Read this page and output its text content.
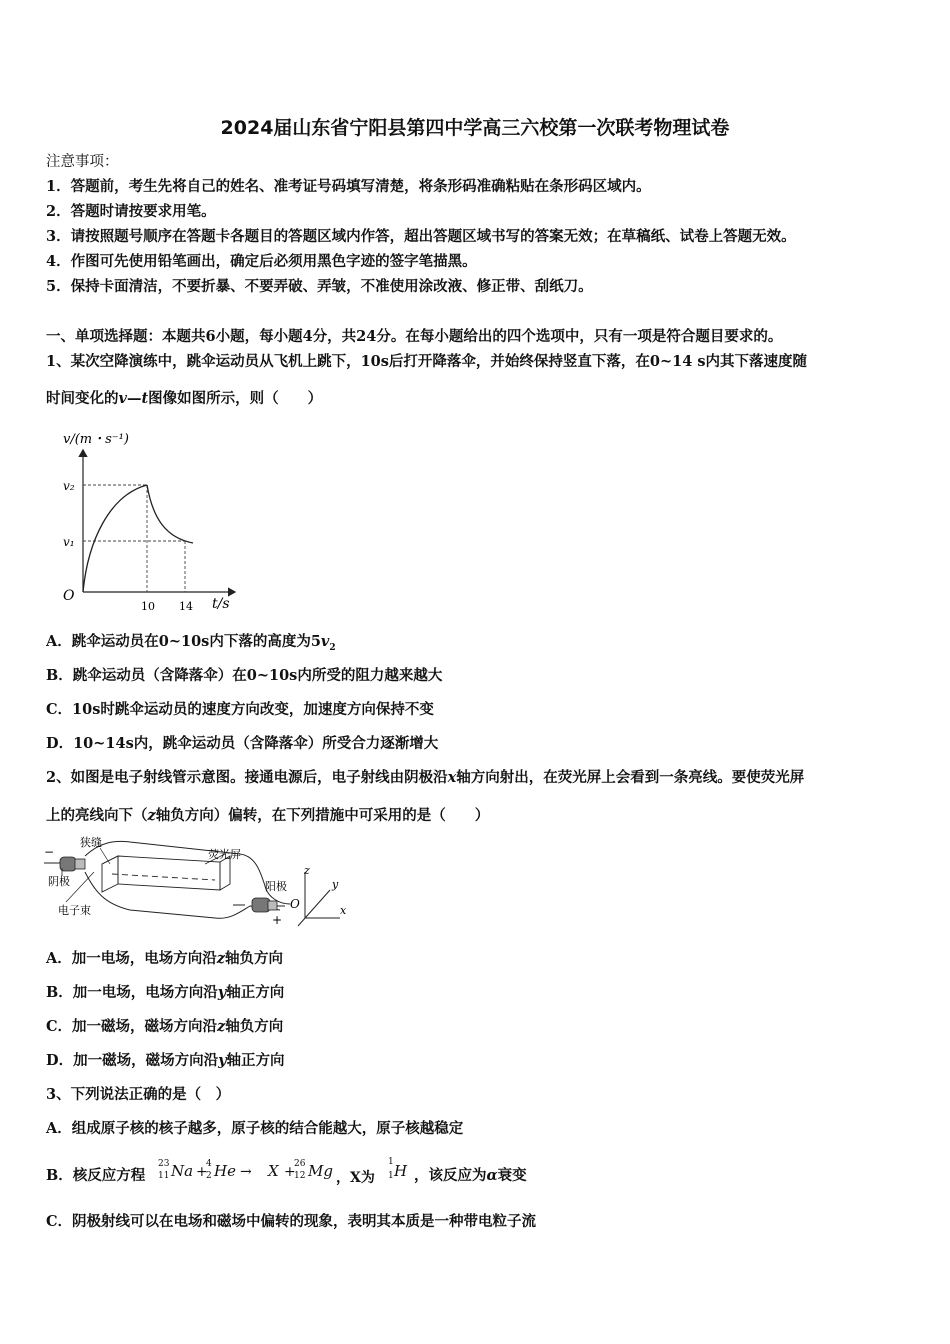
2024届山东省宁阳县第四中学高三六校第一次联考物理试卷
注意事项：
1．答题前，考生先将自己的姓名、准考证号码填写清楚，将条形码准确粘贴在条形码区域内。
2．答题时请按要求用笔。
3．请按照题号顺序在答题卡各题目的答题区域内作答，超出答题区域书写的答案无效；在草稿纸、试卷上答题无效。
4．作图可先使用铅笔画出，确定后必须用黑色字迹的签字笔描黑。
5．保持卡面清洁，不要折暴、不要弄破、弄皱，不准使用涂改液、修正带、刮纸刀。
一、单项选择题：本题共6小题，每小题4分，共24分。在每小题给出的四个选项中，只有一项是符合题目要求的。
1、某次空降演练中，跳伞运动员从飞机上跳下，10s后打开降落伞，并始终保持竖直下落，在0~14 s内其下落速度随
时间变化的v—t图像如图所示，则（　　）
v/(m・s⁻¹)
v₂
v₁
O
10 14 t/s
A．跳伞运动员在0~10s内下落的高度为$5v_2$
B．跳伞运动员（含降落伞）在0~10s内所受的阻力越来越大
C．10s时跳伞运动员的速度方向改变，加速度方向保持不变
D．10~14s内，跳伞运动员（含降落伞）所受合力逐渐增大
2、如图是电子射线管示意图。接通电源后，电子射线由阴极沿x轴方向射出，在荧光屏上会看到一条亮线。要使荧光屏
上的亮线向下（z轴负方向）偏转，在下列措施中可采用的是（　　）
−
狭缝
荧光屏
阴极	阳极
电子束
+
z
y
x
O
A．加一电场，电场方向沿z轴负方向
B．加一电场，电场方向沿y轴正方向
C．加一磁场，磁场方向沿z轴负方向
D．加一磁场，磁场方向沿y轴正方向
3、下列说法正确的是（　）
A．组成原子核的核子越多，原子核的结合能越大，原子核越稳定
B．核反应方程
23
11 Na +
4
2 He → X +
26
12 Mg ，X为
1
1 H ，该反应为α衰变
C．阴极射线可以在电场和磁场中偏转的现象，表明其本质是一种带电粒子流
